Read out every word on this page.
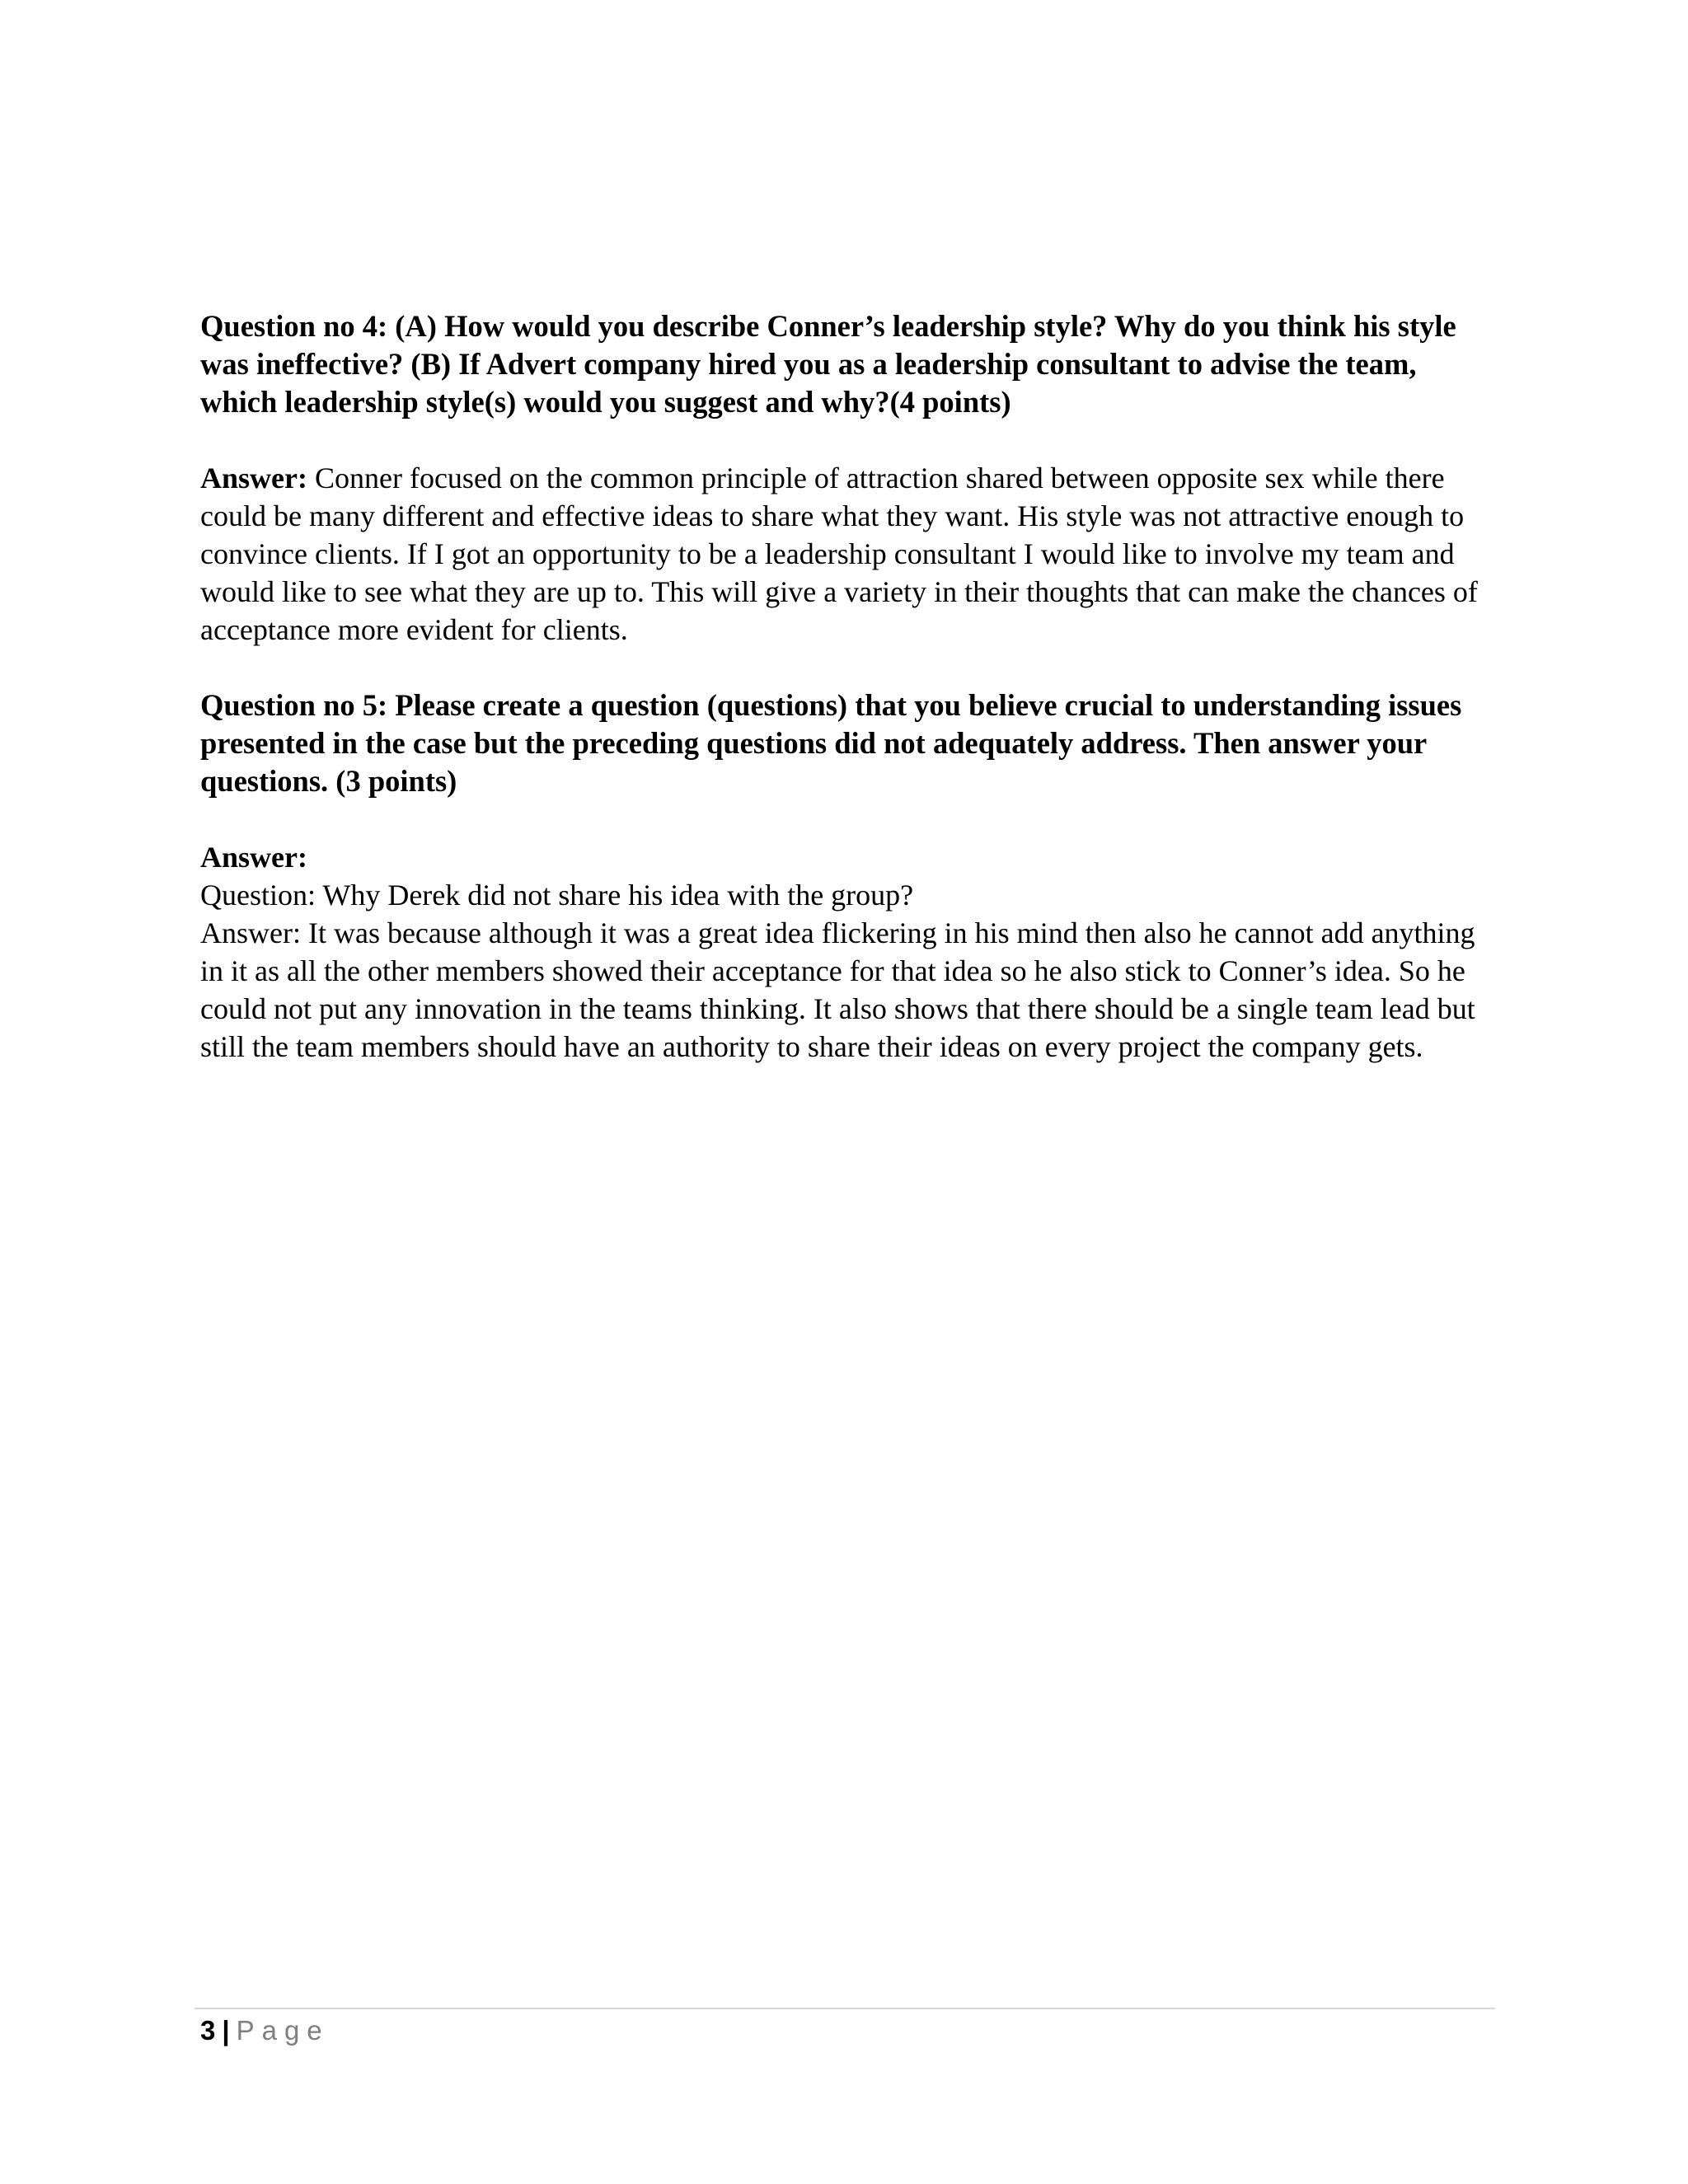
Question no 4: (A) How would you describe Conner’s leadership style? Why do you think his style was ineffective? (B) If Advert company hired you as a leadership consultant to advise the team, which leadership style(s) would you suggest and why?(4 points)

Answer: Conner focused on the common principle of attraction shared between opposite sex while there could be many different and effective ideas to share what they want. His style was not attractive enough to convince clients. If I got an opportunity to be a leadership consultant I would like to involve my team and would like to see what they are up to. This will give a variety in their thoughts that can make the chances of acceptance more evident for clients.

Question no 5: Please create a question (questions) that you believe crucial to understanding issues presented in the case but the preceding questions did not adequately address. Then answer your questions. (3 points)

Answer:

Question: Why Derek did not share his idea with the group?

Answer: It was because although it was a great idea flickering in his mind then also he cannot add anything in it as all the other members showed their acceptance for that idea so he also stick to Conner’s idea. So he could not put any innovation in the teams thinking. It also shows that there should be a single team lead but still the team members should have an authority to share their ideas on every project the company gets.

3 | Page
